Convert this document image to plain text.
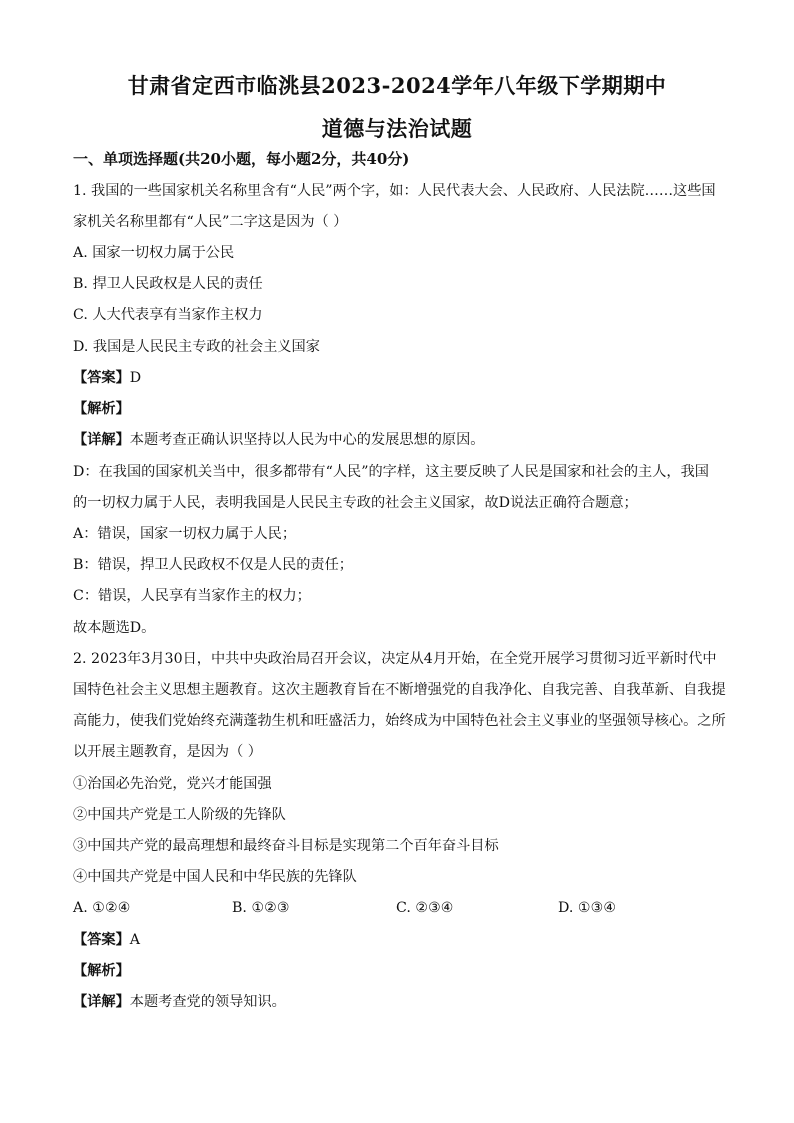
甘肃省定西市临洮县2023-2024学年八年级下学期期中
道德与法治试题
一、单项选择题(共20小题，每小题2分，共40分)
1. 我国的一些国家机关名称里含有“人民”两个字，如：人民代表大会、人民政府、人民法院……这些国
家机关名称里都有“人民”二字这是因为（ ）
A. 国家一切权力属于公民
B. 捍卫人民政权是人民的责任
C. 人大代表享有当家作主权力
D. 我国是人民民主专政的社会主义国家
【答案】D
【解析】
【详解】本题考查正确认识坚持以人民为中心的发展思想的原因。
D：在我国的国家机关当中，很多都带有“人民”的字样，这主要反映了人民是国家和社会的主人，我国
的一切权力属于人民，表明我国是人民民主专政的社会主义国家，故D说法正确符合题意；
A：错误，国家一切权力属于人民；
B：错误，捍卫人民政权不仅是人民的责任；
C：错误，人民享有当家作主的权力；
故本题选D。
2. 2023年3月30日，中共中央政治局召开会议，决定从4月开始，在全党开展学习贯彻习近平新时代中
国特色社会主义思想主题教育。这次主题教育旨在不断增强党的自我净化、自我完善、自我革新、自我提
高能力，使我们党始终充满蓬勃生机和旺盛活力，始终成为中国特色社会主义事业的坚强领导核心。之所
以开展主题教育，是因为（ ）
①治国必先治党，党兴才能国强
②中国共产党是工人阶级的先锋队
③中国共产党的最高理想和最终奋斗目标是实现第二个百年奋斗目标
④中国共产党是中国人民和中华民族的先锋队
A. ①②④	B. ①②③	C. ②③④	D. ①③④
【答案】A
【解析】
【详解】本题考查党的领导知识。
